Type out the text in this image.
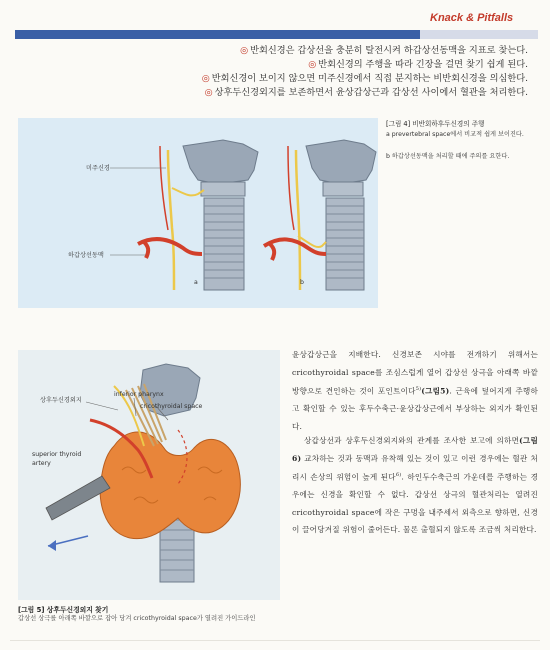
Knack & Pitfalls
◎ 반회신경은 갑상선을 충분히 탈전시켜 하갑상선동맥을 지표로 찾는다.
◎ 반회신경의 주행을 따라 긴장을 걸면 찾기 쉽게 된다.
◎ 반회신경이 보이지 않으면 미주신경에서 직접 분지하는 비반회신경을 의심한다.
◎ 상후두신경외지를 보존하면서 윤상갑상근과 갑상선 사이에서 혈관을 처리한다.
미주신경
하갑상선동맥
a	b
[그림 4] 비반회하후두신경의 주행
a prevertebral space에서 비교적 쉽게 보이진다.
b 하갑상선동맥을 처리할 때에 주의를 요한다.
상후두신경외지
inferior pharynx
cricothyroidal space
superior thyroid
artery
윤상갑상근을 지배한다. 신경보존 시야를 전개하기 위해서는 cricothyroidal space를 조심스럽게 열어 갑상선 상극을 아래쪽 바깥 방향으로 견인하는 것이 포인트이다$^{5)}$(그림5). 근육에 덮어지게 주행하고 확인할 수 있는 후두수축근·윤상갑상근에서 부상하는 외지가 확인된다.
상갑상선과 상후두신경외지와의 관계를 조사한 보고에 의하면(그림6) 교차하는 것과 동맥과 유착해 있는 것이 있고 이런 경우에는 혈관 처리시 손상의 위험이 높게 된다$^{6)}$. 하인두수축근의 가운데를 주행하는 경우에는 신경을 확인할 수 없다. 갑상선 상극의 혈관처리는 열려진 cricothyroidal space에 작은 구멍을 내주세서 외측으로 향하면, 신경이 끌어당겨질 위험이 줄어든다. 물론 출혈되지 않도록 조금씩 처리한다.
[그림 5] 상후두신경외지 찾기
갑상선 상극를 아래쪽 바깥으로 잡아 당겨 cricothyroidal space가 열려진 가이드라인
